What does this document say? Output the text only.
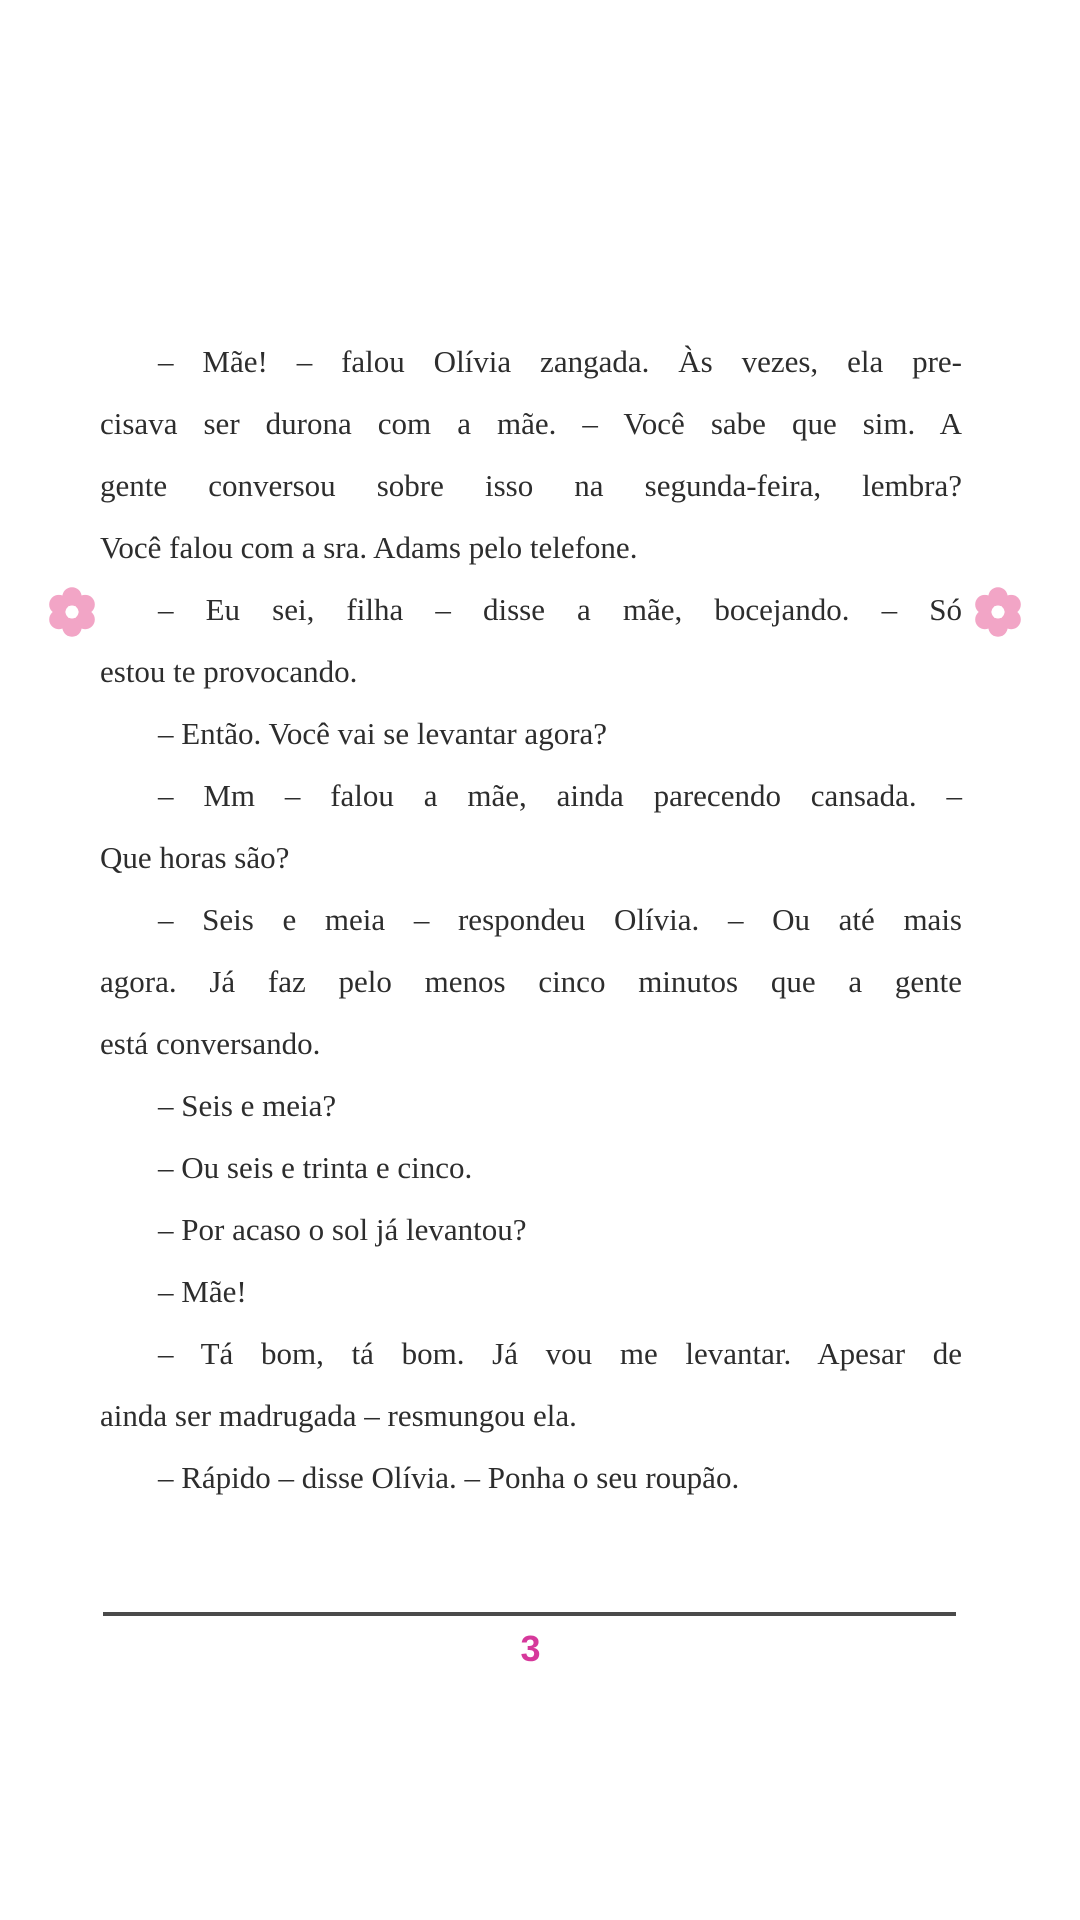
– Mãe! – falou Olívia zangada. Às vezes, ela pre-
cisava ser durona com a mãe. – Você sabe que sim. A
gente conversou sobre isso na segunda-feira, lembra?
Você falou com a sra. Adams pelo telefone.
– Eu sei, filha – disse a mãe, bocejando. – Só
estou te provocando.
– Então. Você vai se levantar agora?
– Mm – falou a mãe, ainda parecendo cansada. –
Que horas são?
– Seis e meia – respondeu Olívia. – Ou até mais
agora. Já faz pelo menos cinco minutos que a gente
está conversando.
– Seis e meia?
– Ou seis e trinta e cinco.
– Por acaso o sol já levantou?
– Mãe!
– Tá bom, tá bom. Já vou me levantar. Apesar de
ainda ser madrugada – resmungou ela.
– Rápido – disse Olívia. – Ponha o seu roupão.
3
